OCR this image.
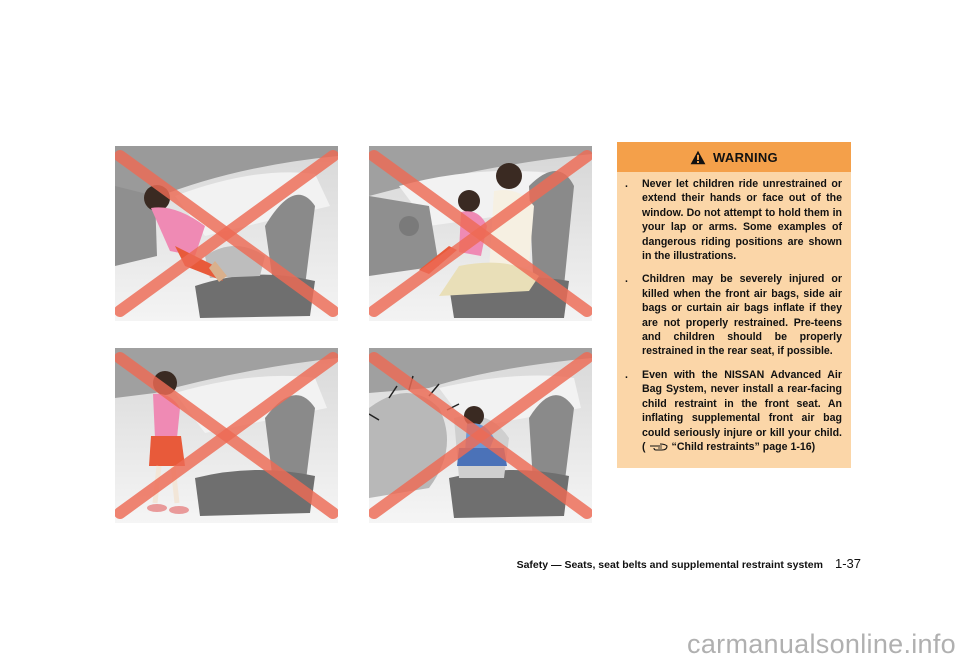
WARNING
.	Never let children ride unrestrained or extend their hands or face out of the window. Do not attempt to hold them in your lap or arms. Some examples of dangerous riding positions are shown in the illustrations.
.	Children may be severely injured or killed when the front air bags, side air bags or curtain air bags inflate if they are not properly restrained. Pre-teens and children should be properly restrained in the rear seat, if possible.
.	Even with the NISSAN Advanced Air Bag System, never install a rear-facing child restraint in the front seat. An inflating supplemental front air bag could seriously injure or kill your child. ( “Child restraints” page 1-16)
Safety — Seats, seat belts and supplemental restraint system 1-37
carmanualsonline.info
